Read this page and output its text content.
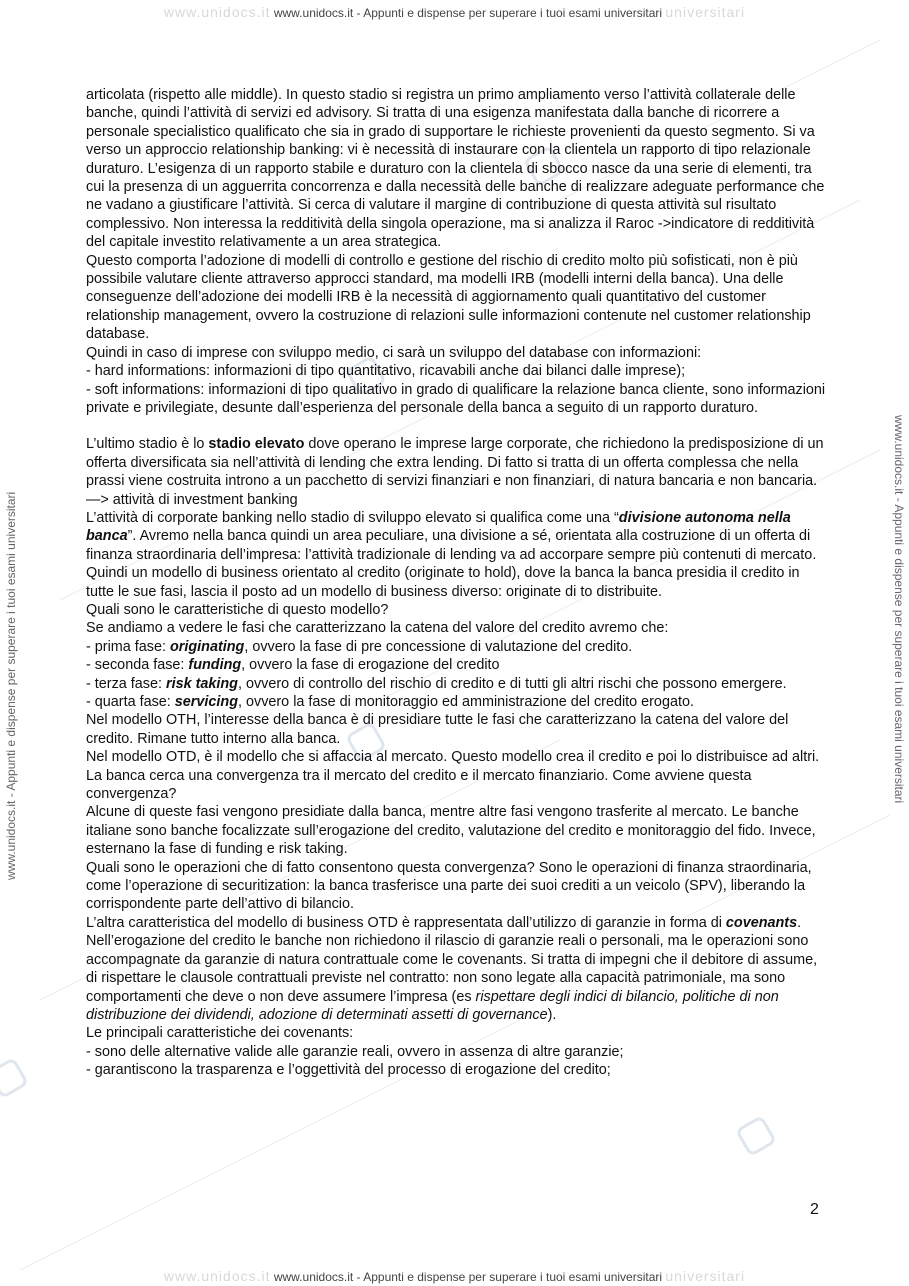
www.unidocs.it www.unidocs.it - Appunti e dispense per superare i tuoi esami universitari universitari
www.unidocs.it - Appunti e dispense per superare i tuoi esami universitari	www.unidocs.it - Appunti e dispense per superare i tuoi esami universitari

articolata (rispetto alle middle). In questo stadio si registra un primo ampliamento verso l’attività collaterale delle banche, quindi l’attività di servizi ed advisory. Si tratta di una esigenza manifestata dalla banche di ricorrere a personale specialistico qualificato che sia in grado di supportare le richieste provenienti da questo segmento. Si va verso un approccio relationship banking: vi è necessità di instaurare con la clientela un rapporto di tipo relazionale duraturo. L’esigenza di un rapporto stabile e duraturo con la clientela di sbocco nasce da una serie di elementi, tra cui la presenza di un agguerrita concorrenza e dalla necessità delle banche di realizzare adeguate performance che ne vadano a giustificare l’attività. Si cerca di valutare il margine di contribuzione di questa attività sul risultato complessivo. Non interessa la redditività della singola operazione, ma si analizza il Raroc ->indicatore di redditività del capitale investito relativamente a un area strategica.

Questo comporta l’adozione di modelli di controllo e gestione del rischio di credito molto più sofisticati, non è più possibile valutare cliente attraverso approcci standard, ma modelli IRB (modelli interni della banca). Una delle conseguenze dell’adozione dei modelli IRB è la necessità di aggiornamento quali quantitativo del customer relationship management, ovvero la costruzione di relazioni sulle informazioni contenute nel customer relationship database.

Quindi in caso di imprese con sviluppo medio, ci sarà un sviluppo del database con informazioni:

- hard informations: informazioni di tipo quantitativo, ricavabili anche dai bilanci dalle imprese);

- soft informations: informazioni di tipo qualitativo in grado di qualificare la relazione banca cliente, sono informazioni private e privilegiate, desunte dall’esperienza del personale della banca a seguito di un rapporto duraturo.

L’ultimo stadio è lo stadio elevato dove operano le imprese large corporate, che richiedono la predisposizione di un offerta diversificata sia nell’attività di lending che extra lending. Di fatto si tratta di un offerta complessa che nella prassi viene costruita introno a un pacchetto di servizi finanziari e non finanziari, di natura bancaria e non bancaria. —> attività di investment banking

L’attività di corporate banking nello stadio di sviluppo elevato si qualifica come una “divisione autonoma nella banca”. Avremo nella banca quindi un area peculiare, una divisione a sé, orientata alla costruzione di un offerta di finanza straordinaria dell’impresa: l’attività tradizionale di lending va ad accorpare sempre più contenuti di mercato. Quindi un modello di business orientato al credito (originate to hold), dove la banca la banca presidia il credito in tutte le sue fasi, lascia il posto ad un modello di business diverso: originate di to distribuite.

Quali sono le caratteristiche di questo modello?

Se andiamo a vedere le fasi che caratterizzano la catena del valore del credito avremo che:

- prima fase: originating, ovvero la fase di pre concessione di valutazione del credito.

- seconda fase: funding, ovvero la fase di erogazione del credito

- terza fase: risk taking, ovvero di controllo del rischio di credito e di tutti gli altri rischi che possono emergere.

- quarta fase: servicing, ovvero la fase di monitoraggio ed amministrazione del credito erogato.

Nel modello OTH, l’interesse della banca è di presidiare tutte le fasi che caratterizzano la catena del valore del credito. Rimane tutto interno alla banca.

Nel modello OTD, è il modello che si affaccia al mercato. Questo modello crea il credito e poi lo distribuisce ad altri. La banca cerca una convergenza tra il mercato del credito e il mercato finanziario. Come avviene questa convergenza?

Alcune di queste fasi vengono presidiate dalla banca, mentre altre fasi vengono trasferite al mercato. Le banche italiane sono banche focalizzate sull’erogazione del credito, valutazione del credito e monitoraggio del fido. Invece, esternano la fase di funding e risk taking.

Quali sono le operazioni che di fatto consentono questa convergenza? Sono le operazioni di finanza straordinaria, come l’operazione di securitization: la banca trasferisce una parte dei suoi crediti a un veicolo (SPV), liberando la corrispondente parte dell’attivo di bilancio.

L’altra caratteristica del modello di business OTD è rappresentata dall’utilizzo di garanzie in forma di covenants. Nell’erogazione del credito le banche non richiedono il rilascio di garanzie reali o personali, ma le operazioni sono accompagnate da garanzie di natura contrattuale come le covenants. Si tratta di impegni che il debitore di assume, di rispettare le clausole contrattuali previste nel contratto: non sono legate alla capacità patrimoniale, ma sono comportamenti che deve o non deve assumere l’impresa (es rispettare degli indici di bilancio, politiche di non distribuzione dei dividendi, adozione di determinati assetti di governance).

Le principali caratteristiche dei covenants:

- sono delle alternative valide alle garanzie reali, ovvero in assenza di altre garanzie;

- garantiscono la trasparenza e l’oggettività del processo di erogazione del credito;

2
www.unidocs.it www.unidocs.it - Appunti e dispense per superare i tuoi esami universitari universitari
